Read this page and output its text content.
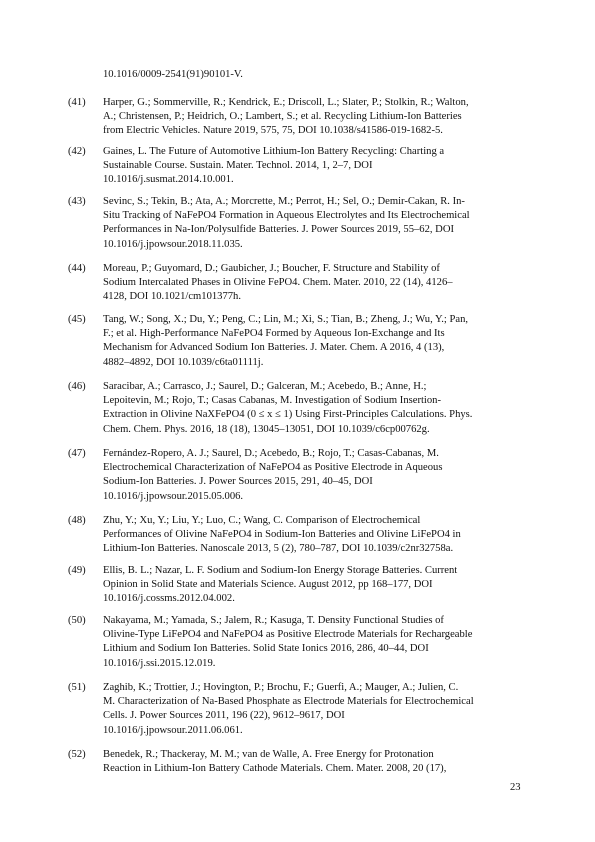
10.1016/0009-2541(91)90101-V.
(41) Harper, G.; Sommerville, R.; Kendrick, E.; Driscoll, L.; Slater, P.; Stolkin, R.; Walton,
A.; Christensen, P.; Heidrich, O.; Lambert, S.; et al. Recycling Lithium-Ion Batteries
from Electric Vehicles. Nature 2019, 575, 75, DOI 10.1038/s41586-019-1682-5.
(42) Gaines, L. The Future of Automotive Lithium-Ion Battery Recycling: Charting a
Sustainable Course. Sustain. Mater. Technol. 2014, 1, 2–7, DOI
10.1016/j.susmat.2014.10.001.
(43) Sevinc, S.; Tekin, B.; Ata, A.; Morcrette, M.; Perrot, H.; Sel, O.; Demir-Cakan, R. In-
Situ Tracking of NaFePO4 Formation in Aqueous Electrolytes and Its Electrochemical
Performances in Na-Ion/Polysulfide Batteries. J. Power Sources 2019, 55–62, DOI
10.1016/j.jpowsour.2018.11.035.
(44) Moreau, P.; Guyomard, D.; Gaubicher, J.; Boucher, F. Structure and Stability of
Sodium Intercalated Phases in Olivine FePO4. Chem. Mater. 2010, 22 (14), 4126–
4128, DOI 10.1021/cm101377h.
(45) Tang, W.; Song, X.; Du, Y.; Peng, C.; Lin, M.; Xi, S.; Tian, B.; Zheng, J.; Wu, Y.; Pan,
F.; et al. High-Performance NaFePO4 Formed by Aqueous Ion-Exchange and Its
Mechanism for Advanced Sodium Ion Batteries. J. Mater. Chem. A 2016, 4 (13),
4882–4892, DOI 10.1039/c6ta01111j.
(46) Saracibar, A.; Carrasco, J.; Saurel, D.; Galceran, M.; Acebedo, B.; Anne, H.;
Lepoitevin, M.; Rojo, T.; Casas Cabanas, M. Investigation of Sodium Insertion-
Extraction in Olivine NaXFePO4 (0 ≤ x ≤ 1) Using First-Principles Calculations. Phys.
Chem. Chem. Phys. 2016, 18 (18), 13045–13051, DOI 10.1039/c6cp00762g.
(47) Fernández-Ropero, A. J.; Saurel, D.; Acebedo, B.; Rojo, T.; Casas-Cabanas, M.
Electrochemical Characterization of NaFePO4 as Positive Electrode in Aqueous
Sodium-Ion Batteries. J. Power Sources 2015, 291, 40–45, DOI
10.1016/j.jpowsour.2015.05.006.
(48) Zhu, Y.; Xu, Y.; Liu, Y.; Luo, C.; Wang, C. Comparison of Electrochemical
Performances of Olivine NaFePO4 in Sodium-Ion Batteries and Olivine LiFePO4 in
Lithium-Ion Batteries. Nanoscale 2013, 5 (2), 780–787, DOI 10.1039/c2nr32758a.
(49) Ellis, B. L.; Nazar, L. F. Sodium and Sodium-Ion Energy Storage Batteries. Current
Opinion in Solid State and Materials Science. August 2012, pp 168–177, DOI
10.1016/j.cossms.2012.04.002.
(50) Nakayama, M.; Yamada, S.; Jalem, R.; Kasuga, T. Density Functional Studies of
Olivine-Type LiFePO4 and NaFePO4 as Positive Electrode Materials for Rechargeable
Lithium and Sodium Ion Batteries. Solid State Ionics 2016, 286, 40–44, DOI
10.1016/j.ssi.2015.12.019.
(51) Zaghib, K.; Trottier, J.; Hovington, P.; Brochu, F.; Guerfi, A.; Mauger, A.; Julien, C.
M. Characterization of Na-Based Phosphate as Electrode Materials for Electrochemical
Cells. J. Power Sources 2011, 196 (22), 9612–9617, DOI
10.1016/j.jpowsour.2011.06.061.
(52) Benedek, R.; Thackeray, M. M.; van de Walle, A. Free Energy for Protonation
Reaction in Lithium-Ion Battery Cathode Materials. Chem. Mater. 2008, 20 (17),
23
